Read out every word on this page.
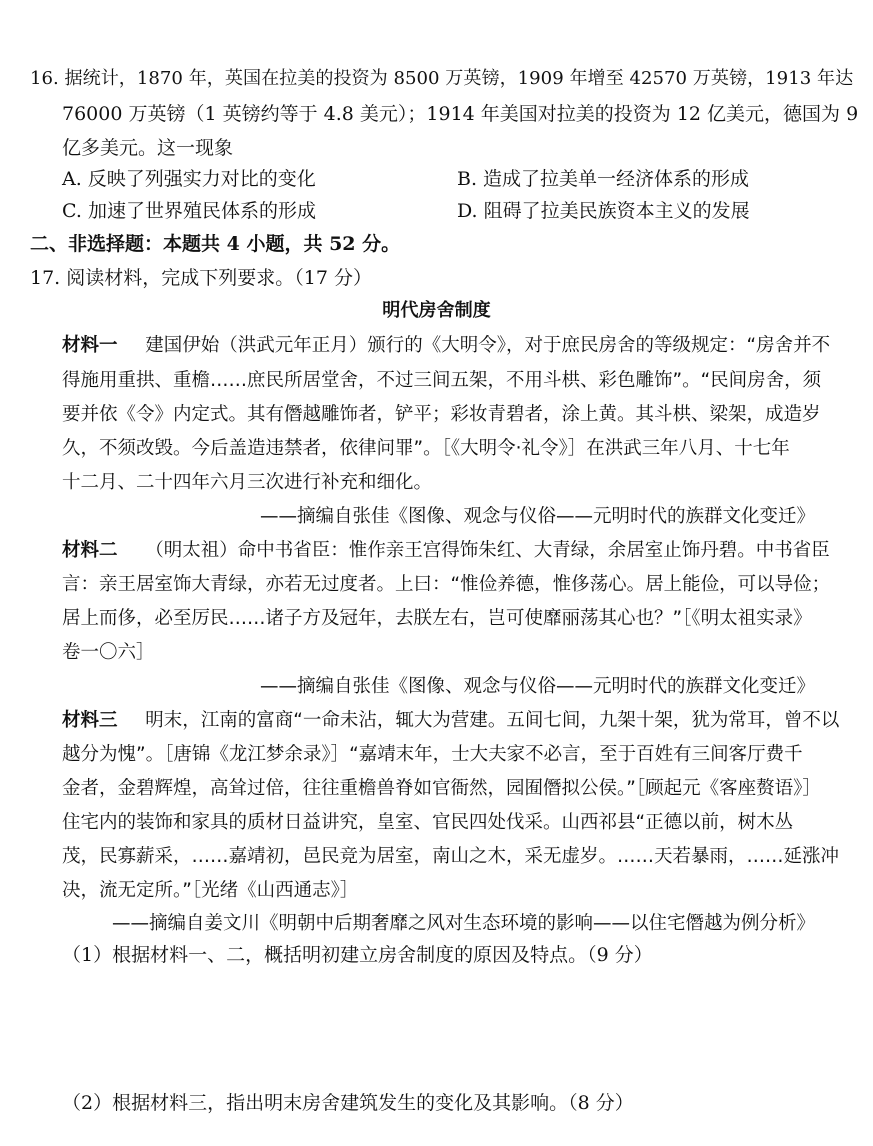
16. 据统计，1870 年，英国在拉美的投资为 8500 万英镑，1909 年增至 42570 万英镑，1913 年达
76000 万英镑（1 英镑约等于 4.8 美元）；1914 年美国对拉美的投资为 12 亿美元，德国为 9
亿多美元。这一现象
A. 反映了列强实力对比的变化	B. 造成了拉美单一经济体系的形成
C. 加速了世界殖民体系的形成	D. 阻碍了拉美民族资本主义的发展
二、非选择题：本题共 4 小题，共 52 分。
17. 阅读材料，完成下列要求。（17 分）
明代房舍制度
材料一 建国伊始（洪武元年正月）颁行的《大明令》，对于庶民房舍的等级规定：“房舍并不
得施用重拱、重檐……庶民所居堂舍，不过三间五架，不用斗栱、彩色雕饰”。“民间房舍，须
要并依《令》内定式。其有僭越雕饰者，铲平；彩妆青碧者，涂上黄。其斗栱、梁架，成造岁
久，不须改毁。今后盖造违禁者，依律问罪”。［《大明令·礼令》］在洪武三年八月、十七年
十二月、二十四年六月三次进行补充和细化。
——摘编自张佳《图像、观念与仪俗——元明时代的族群文化变迁》
材料二 （明太祖）命中书省臣：惟作亲王宫得饰朱红、大青绿，余居室止饰丹碧。中书省臣
言：亲王居室饰大青绿，亦若无过度者。上曰：“惟俭养德，惟侈荡心。居上能俭，可以导俭；
居上而侈，必至厉民……诸子方及冠年，去朕左右，岂可使靡丽荡其心也？”［《明太祖实录》
卷一〇六］
——摘编自张佳《图像、观念与仪俗——元明时代的族群文化变迁》
材料三 明末，江南的富商“一命未沾，辄大为营建。五间七间，九架十架，犹为常耳，曾不以
越分为愧”。［唐锦《龙江梦余录》］“嘉靖末年，士大夫家不必言，至于百姓有三间客厅费千
金者，金碧辉煌，高耸过倍，往往重檐兽脊如官衙然，园囿僭拟公侯。”［顾起元《客座赘语》］
住宅内的装饰和家具的质材日益讲究，皇室、官民四处伐采。山西祁县“正德以前，树木丛
茂，民寡薪采，……嘉靖初，邑民竞为居室，南山之木，采无虚岁。……天若暴雨，……延涨冲
决，流无定所。”［光绪《山西通志》］
——摘编自姜文川《明朝中后期奢靡之风对生态环境的影响——以住宅僭越为例分析》
（1）根据材料一、二，概括明初建立房舍制度的原因及特点。（9 分）
（2）根据材料三，指出明末房舍建筑发生的变化及其影响。（8 分）
